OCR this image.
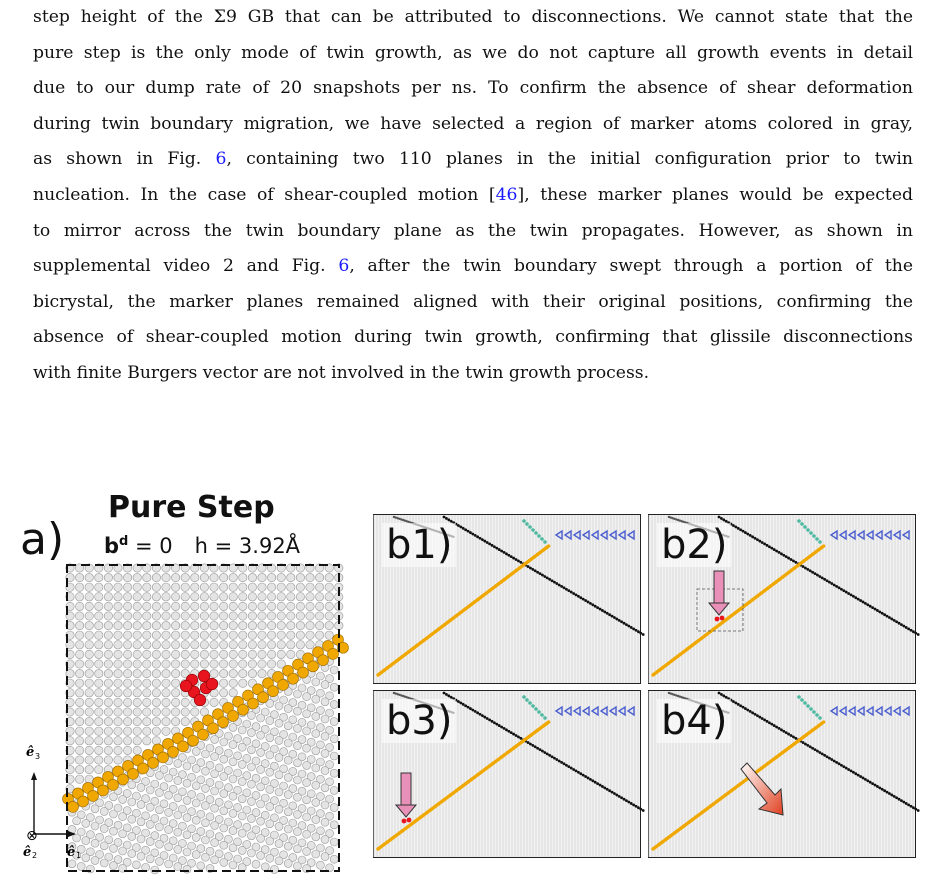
step height of the Σ9 GB that can be attributed to disconnections. We cannot state that the
pure step is the only mode of twin growth, as we do not capture all growth events in detail
due to our dump rate of 20 snapshots per ns. To confirm the absence of shear deformation
during twin boundary migration, we have selected a region of marker atoms colored in gray,
as shown in Fig. 6, containing two 110 planes in the initial configuration prior to twin
nucleation. In the case of shear-coupled motion [46], these marker planes would be expected
to mirror across the twin boundary plane as the twin propagates. However, as shown in
supplemental video 2 and Fig. 6, after the twin boundary swept through a portion of the
bicrystal, the marker planes remained aligned with their original positions, confirming the
absence of shear-coupled motion during twin growth, confirming that glissile disconnections
with finite Burgers vector are not involved in the twin growth process.
a)
Pure Step
$b^d = 0$ h = 3.92Å
ê 3
⊗
ê 2 ê 1
b1)	b2)
b3)	b4)
